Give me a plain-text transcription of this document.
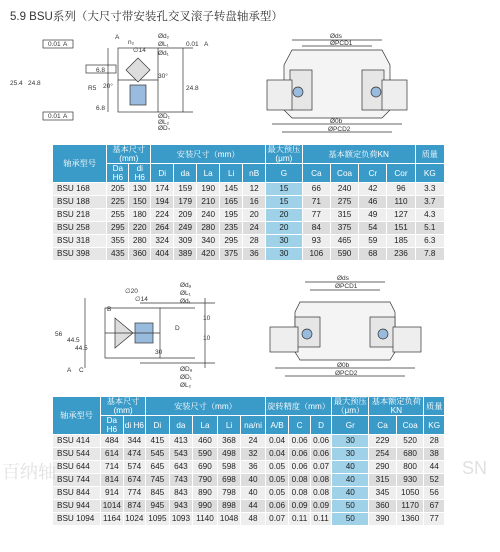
5.9 BSU系列（大尺寸带安装孔交叉滚子转盘轴承型）
Ød₂
ØL₁
Ød₁
n₂
∅14
30°
20°
R5
6.8
6.8
25.4
24.8
24.8
ØD₁
ØL₂
ØD₂
A
0.01
0.01
0.01
A
A
A
Øds
ØPCD1
Ø0b
ØPCD2
轴承型号	基本尺寸(mm)		安装尺寸（mm）					最大预压(μm)	基本额定负荷KN				质量
	Da H6	di H6	Di	da	La	Li	nB	G	Ca	Coa	Cr	Cor	KG
BSU 168	205	130	174	159	190	145	12	15	66	240	42	96	3.3
BSU 188	225	150	194	179	210	165	16	15	71	275	46	110	3.7
BSU 218	255	180	224	209	240	195	20	20	77	315	49	127	4.3
BSU 258	295	220	264	249	280	235	24	20	84	375	54	151	5.1
BSU 318	355	280	324	309	340	295	28	30	93	465	59	185	6.3
BSU 398	435	360	404	389	420	375	36	30	106	590	68	236	7.8
Ødₐ
ØL₁
Ød₁
∅14
∅20
B
D
10
10
56
44.5
44.5
30
ØDₐ
ØD₁
ØL₂
A C
Øds
ØPCD1
Ø0b
ØPCD2
轴承型号	基本尺寸(mm)		安装尺寸（mm）					旋转精度（mm）			最大预压（μm）	基本额定负荷KN		质量
	Da H6	di H6	Di	da	La	Li	na/ni	A/B	C	D	Gr	Ca	Coa	KG
BSU 414	484	344	415	413	460	368	24	0.04	0.06	0.06	30	229	520	28
BSU 544	614	474	545	543	590	498	32	0.04	0.06	0.06	30	254	680	38
BSU 644	714	574	645	643	690	598	36	0.05	0.06	0.07	40	290	800	44
BSU 744	814	674	745	743	790	698	40	0.05	0.08	0.08	40	315	930	52
BSU 844	914	774	845	843	890	798	40	0.05	0.08	0.08	40	345	1050	56
BSU 944	1014	874	945	943	990	898	44	0.06	0.09	0.09	50	360	1170	67
BSU 1094	1164	1024	1095	1093	1140	1048	48	0.07	0.11	0.11	50	390	1360	77
百纳轴	SN
